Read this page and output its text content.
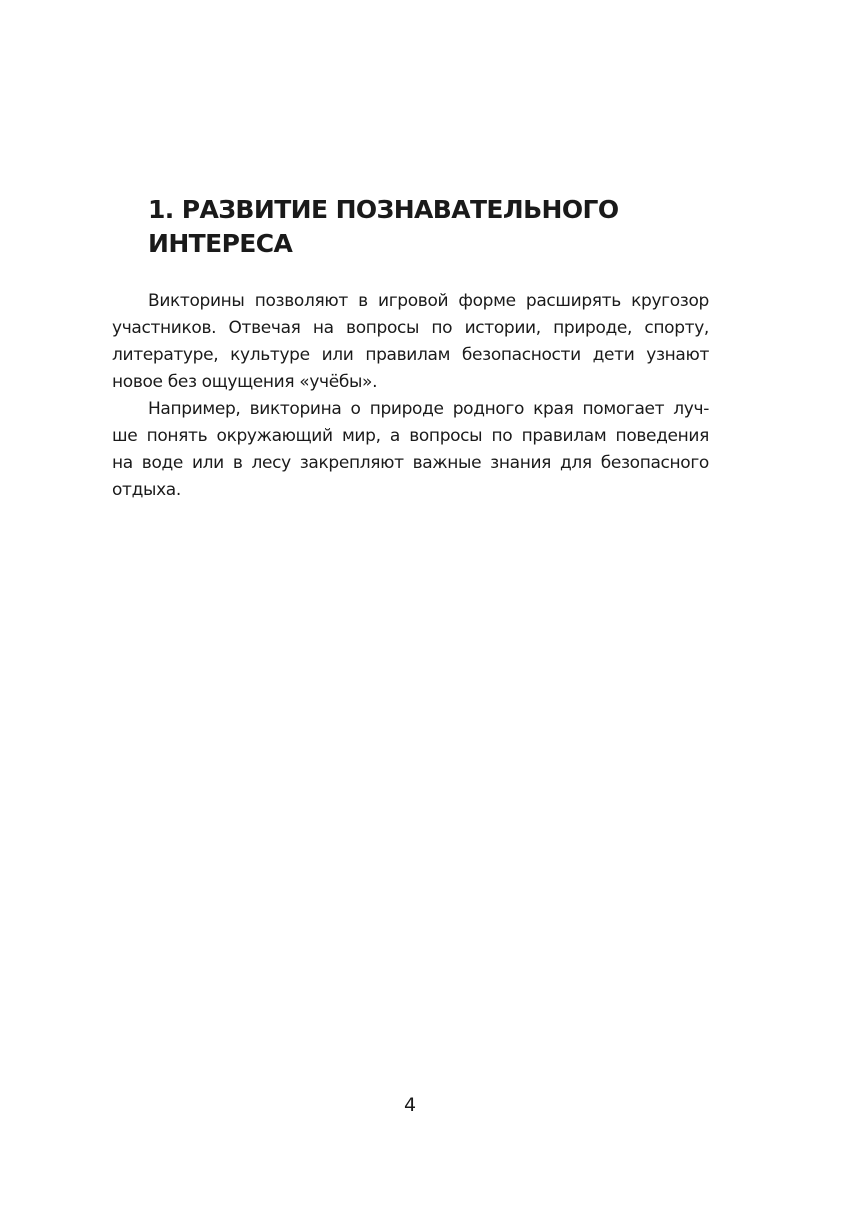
1. РАЗВИТИЕ ПОЗНАВАТЕЛЬНОГО
ИНТЕРЕСА

Викторины позволяют в игровой форме расширять кругозор
участников. Отвечая на вопросы по истории, природе, спорту,
литературе, культуре или правилам безопасности дети узнают
новое без ощущения «учёбы».

Например, викторина о природе родного края помогает луч-
ше понять окружающий мир, а вопросы по правилам поведения
на воде или в лесу закрепляют важные знания для безопасного
отдыха.

4
